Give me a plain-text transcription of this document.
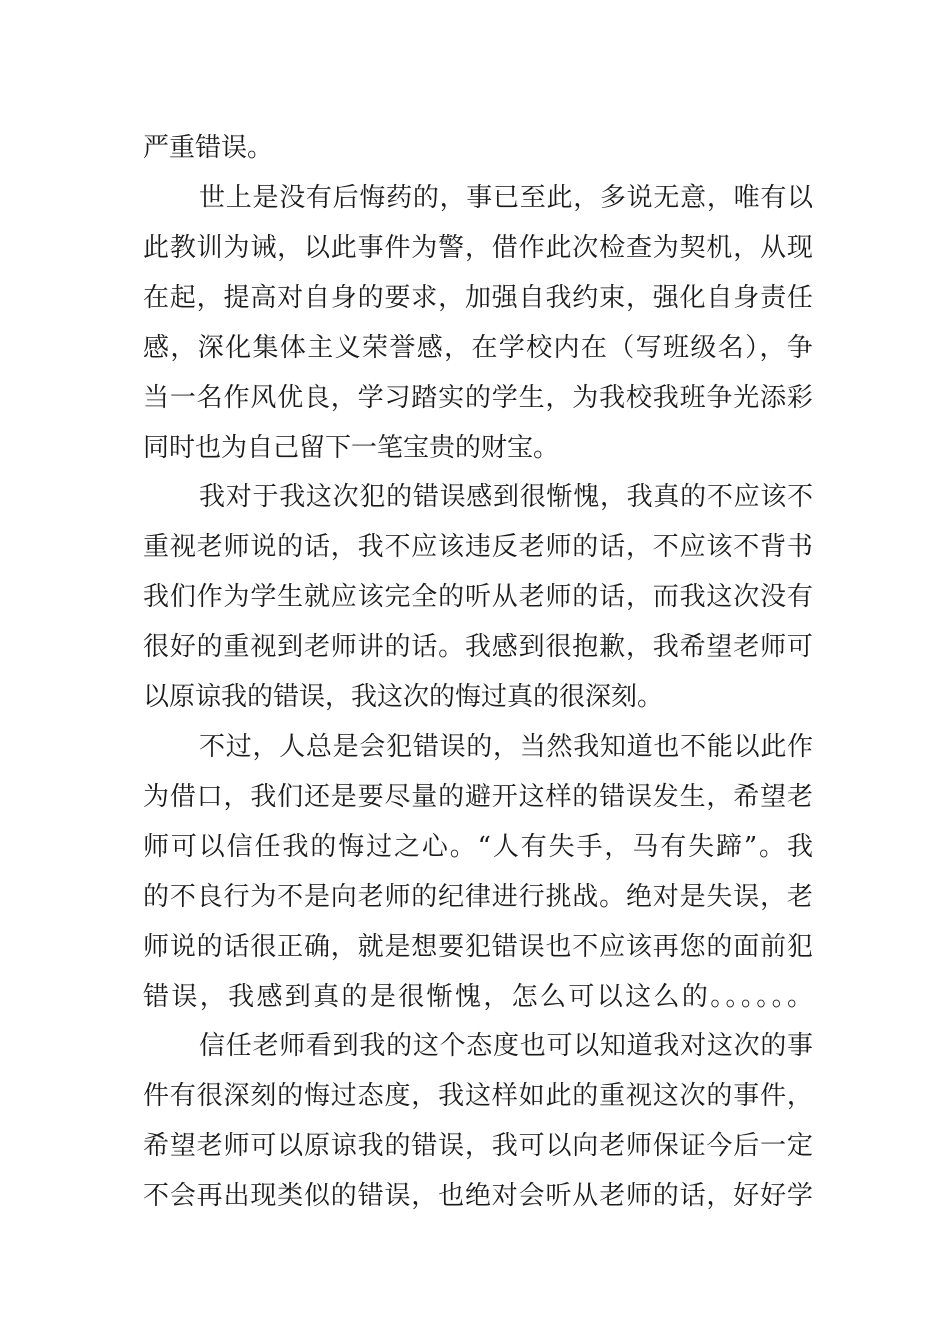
严重错误。
世上是没有后悔药的，事已至此，多说无意，唯有以
此教训为诫，以此事件为警，借作此次检查为契机，从现
在起，提高对自身的要求，加强自我约束，强化自身责任
感，深化集体主义荣誉感，在学校内在（写班级名），争
当一名作风优良，学习踏实的学生，为我校我班争光添彩
同时也为自己留下一笔宝贵的财宝。
我对于我这次犯的错误感到很惭愧，我真的不应该不
重视老师说的话，我不应该违反老师的话，不应该不背书
我们作为学生就应该完全的听从老师的话，而我这次没有
很好的重视到老师讲的话。我感到很抱歉，我希望老师可
以原谅我的错误，我这次的悔过真的很深刻。
不过，人总是会犯错误的，当然我知道也不能以此作
为借口，我们还是要尽量的避开这样的错误发生，希望老
师可以信任我的悔过之心。“人有失手，马有失蹄”。我
的不良行为不是向老师的纪律进行挑战。绝对是失误，老
师说的话很正确，就是想要犯错误也不应该再您的面前犯
错误，我感到真的是很惭愧，怎么可以这么的。。。。。。
信任老师看到我的这个态度也可以知道我对这次的事
件有很深刻的悔过态度，我这样如此的重视这次的事件，
希望老师可以原谅我的错误，我可以向老师保证今后一定
不会再出现类似的错误，也绝对会听从老师的话，好好学
